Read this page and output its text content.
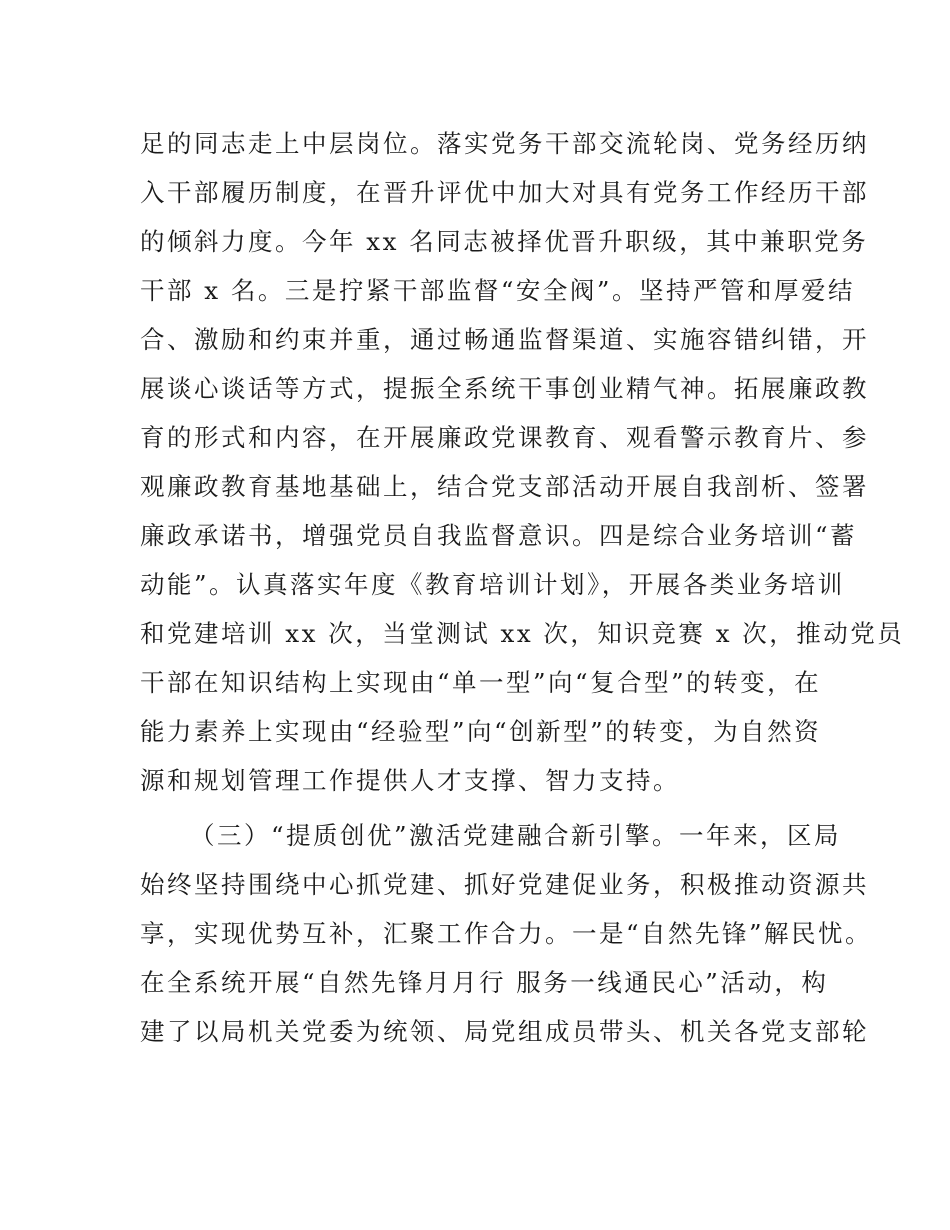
足的同志走上中层岗位。落实党务干部交流轮岗、党务经历纳
入干部履历制度，在晋升评优中加大对具有党务工作经历干部
的倾斜力度。今年 xx 名同志被择优晋升职级，其中兼职党务
干部 x 名。三是拧紧干部监督“安全阀”。坚持严管和厚爱结
合、激励和约束并重，通过畅通监督渠道、实施容错纠错，开
展谈心谈话等方式，提振全系统干事创业精气神。拓展廉政教
育的形式和内容，在开展廉政党课教育、观看警示教育片、参
观廉政教育基地基础上，结合党支部活动开展自我剖析、签署
廉政承诺书，增强党员自我监督意识。四是综合业务培训“蓄
动能”。认真落实年度《教育培训计划》，开展各类业务培训
和党建培训 xx 次，当堂测试 xx 次，知识竞赛 x 次，推动党员
干部在知识结构上实现由“单一型”向“复合型”的转变，在
能力素养上实现由“经验型”向“创新型”的转变，为自然资
源和规划管理工作提供人才支撑、智力支持。
（三）“提质创优”激活党建融合新引擎。一年来，区局
始终坚持围绕中心抓党建、抓好党建促业务，积极推动资源共
享，实现优势互补，汇聚工作合力。一是“自然先锋”解民忧。
在全系统开展“自然先锋月月行 服务一线通民心”活动，构
建了以局机关党委为统领、局党组成员带头、机关各党支部轮
